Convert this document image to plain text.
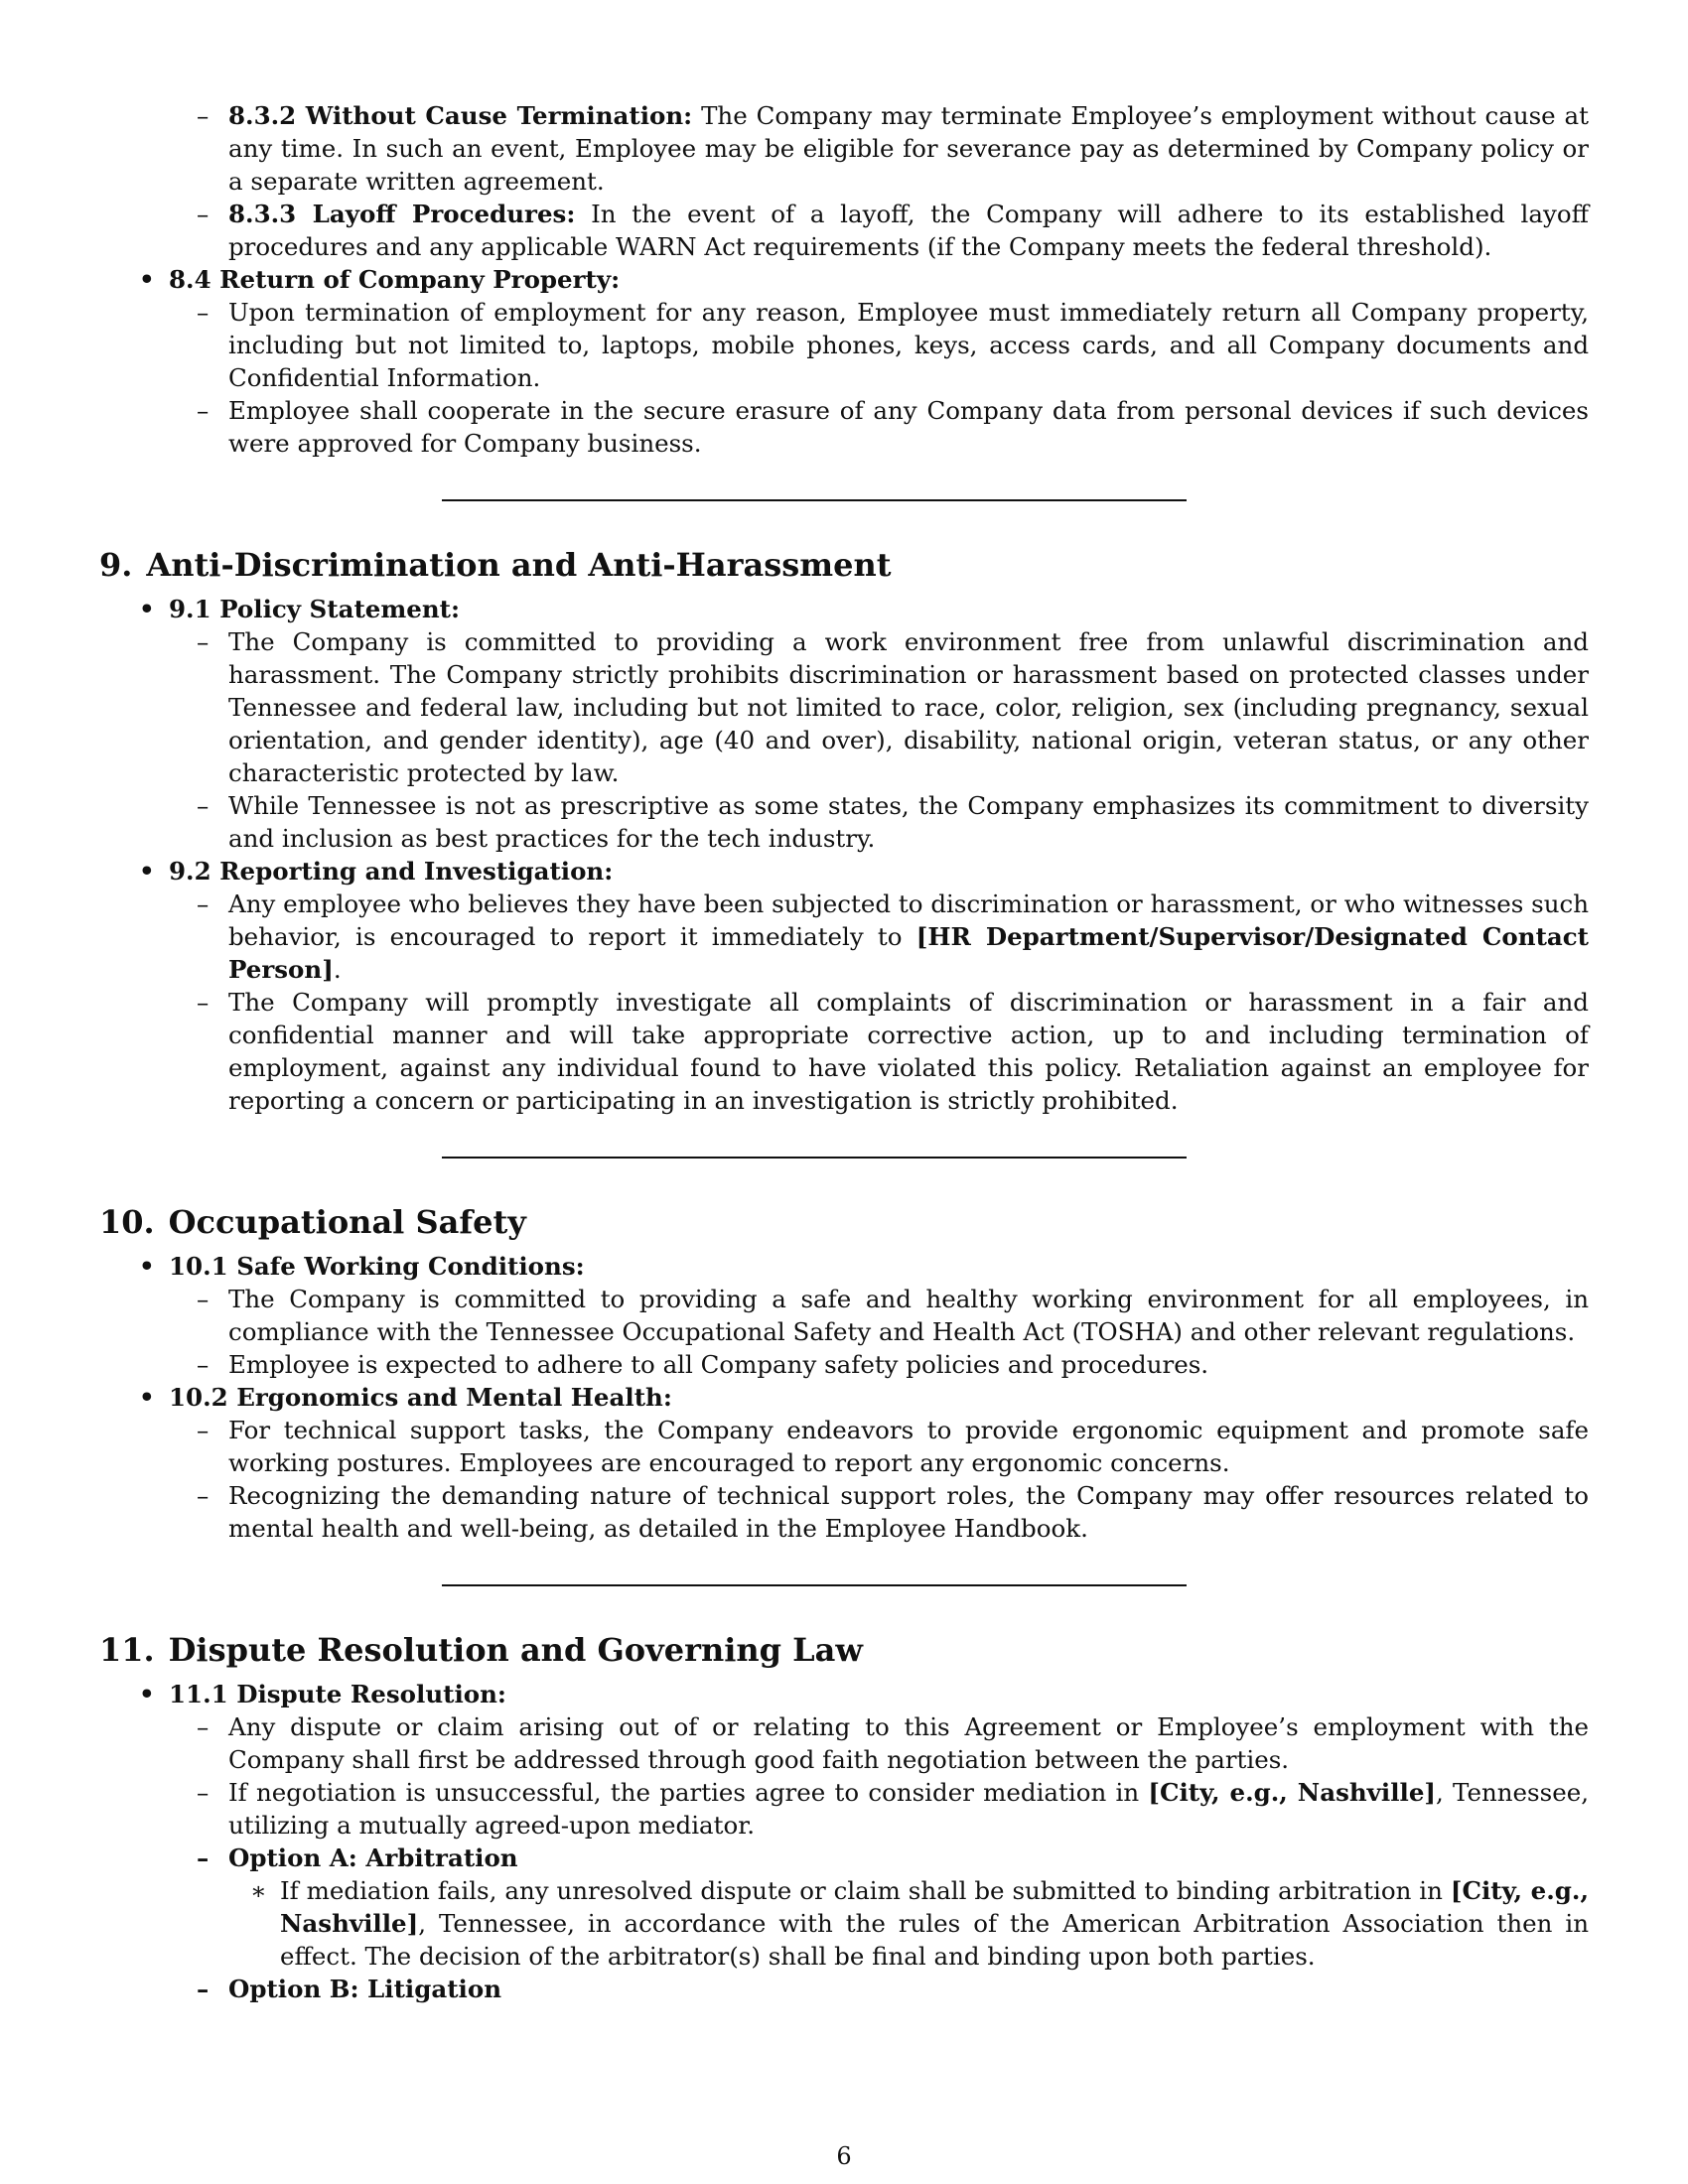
– 8.3.2 Without Cause Termination: The Company may terminate Employee’s employment without cause at any time. In such an event, Employee may be eligible for severance pay as determined by Company policy or a separate written agreement.

– 8.3.3 Layoff Procedures: In the event of a layoff, the Company will adhere to its established layoff procedures and any applicable WARN Act requirements (if the Company meets the federal threshold).

• 8.4 Return of Company Property:

– Upon termination of employment for any reason, Employee must immediately return all Company property, including but not limited to, laptops, mobile phones, keys, access cards, and all Company documents and Confidential Information.

– Employee shall cooperate in the secure erasure of any Company data from personal devices if such devices were approved for Company business.

9. Anti-Discrimination and Anti-Harassment

• 9.1 Policy Statement:

– The Company is committed to providing a work environment free from unlawful discrimination and harassment. The Company strictly prohibits discrimination or harassment based on protected classes under Tennessee and federal law, including but not limited to race, color, religion, sex (including pregnancy, sexual orientation, and gender identity), age (40 and over), disability, national origin, veteran status, or any other characteristic protected by law.

– While Tennessee is not as prescriptive as some states, the Company emphasizes its commitment to diversity and inclusion as best practices for the tech industry.

• 9.2 Reporting and Investigation:

– Any employee who believes they have been subjected to discrimination or harassment, or who witnesses such behavior, is encouraged to report it immediately to [HR Department/Supervisor/Designated Contact Person].

– The Company will promptly investigate all complaints of discrimination or harassment in a fair and confidential manner and will take appropriate corrective action, up to and including termination of employment, against any individual found to have violated this policy. Retaliation against an employee for reporting a concern or participating in an investigation is strictly prohibited.

10. Occupational Safety

• 10.1 Safe Working Conditions:

– The Company is committed to providing a safe and healthy working environment for all employees, in compliance with the Tennessee Occupational Safety and Health Act (TOSHA) and other relevant regulations.

– Employee is expected to adhere to all Company safety policies and procedures.

• 10.2 Ergonomics and Mental Health:

– For technical support tasks, the Company endeavors to provide ergonomic equipment and promote safe working postures. Employees are encouraged to report any ergonomic concerns.

– Recognizing the demanding nature of technical support roles, the Company may offer resources related to mental health and well-being, as detailed in the Employee Handbook.

11. Dispute Resolution and Governing Law

• 11.1 Dispute Resolution:

– Any dispute or claim arising out of or relating to this Agreement or Employee’s employment with the Company shall first be addressed through good faith negotiation between the parties.

– If negotiation is unsuccessful, the parties agree to consider mediation in [City, e.g., Nashville], Tennessee, utilizing a mutually agreed-upon mediator.

– Option A: Arbitration

∗ If mediation fails, any unresolved dispute or claim shall be submitted to binding arbitration in [City, e.g., Nashville], Tennessee, in accordance with the rules of the American Arbitration Association then in effect. The decision of the arbitrator(s) shall be final and binding upon both parties.

– Option B: Litigation

6
